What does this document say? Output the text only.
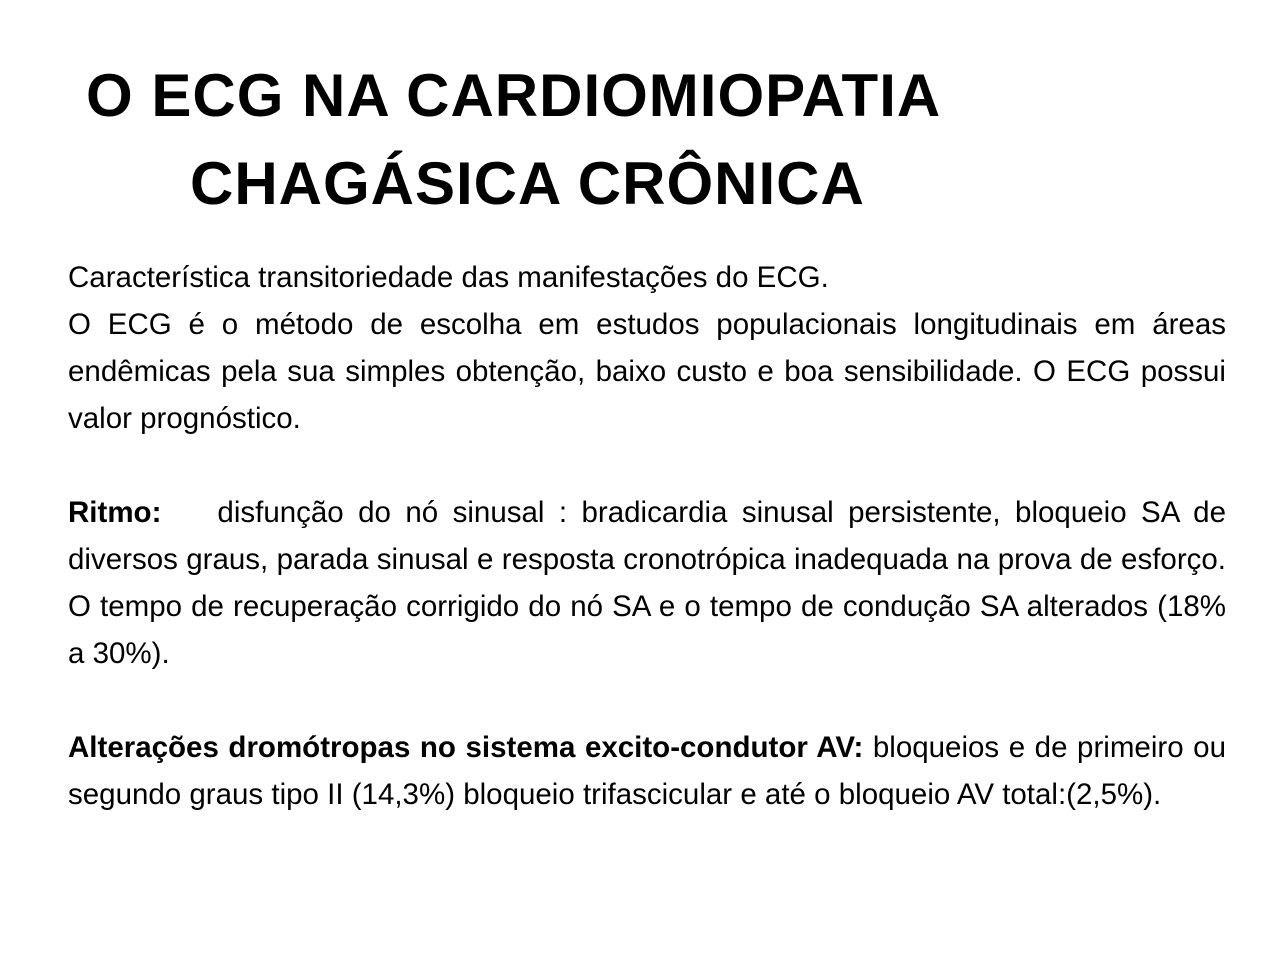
O ECG NA CARDIOMIOPATIA
CHAGÁSICA CRÔNICA

Característica transitoriedade das manifestações do ECG.

O ECG é o método de escolha em estudos populacionais longitudinais em áreas endêmicas pela sua simples obtenção, baixo custo e boa sensibilidade. O ECG possui valor prognóstico.

Ritmo: disfunção do nó sinusal : bradicardia sinusal persistente, bloqueio SA de diversos graus, parada sinusal e resposta cronotrópica inadequada na prova de esforço. O tempo de recuperação corrigido do nó SA e o tempo de condução SA alterados (18% a 30%).

Alterações dromótropas no sistema excito-condutor AV: bloqueios e de primeiro ou segundo graus tipo II (14,3%) bloqueio trifascicular e até o bloqueio AV total:(2,5%).
